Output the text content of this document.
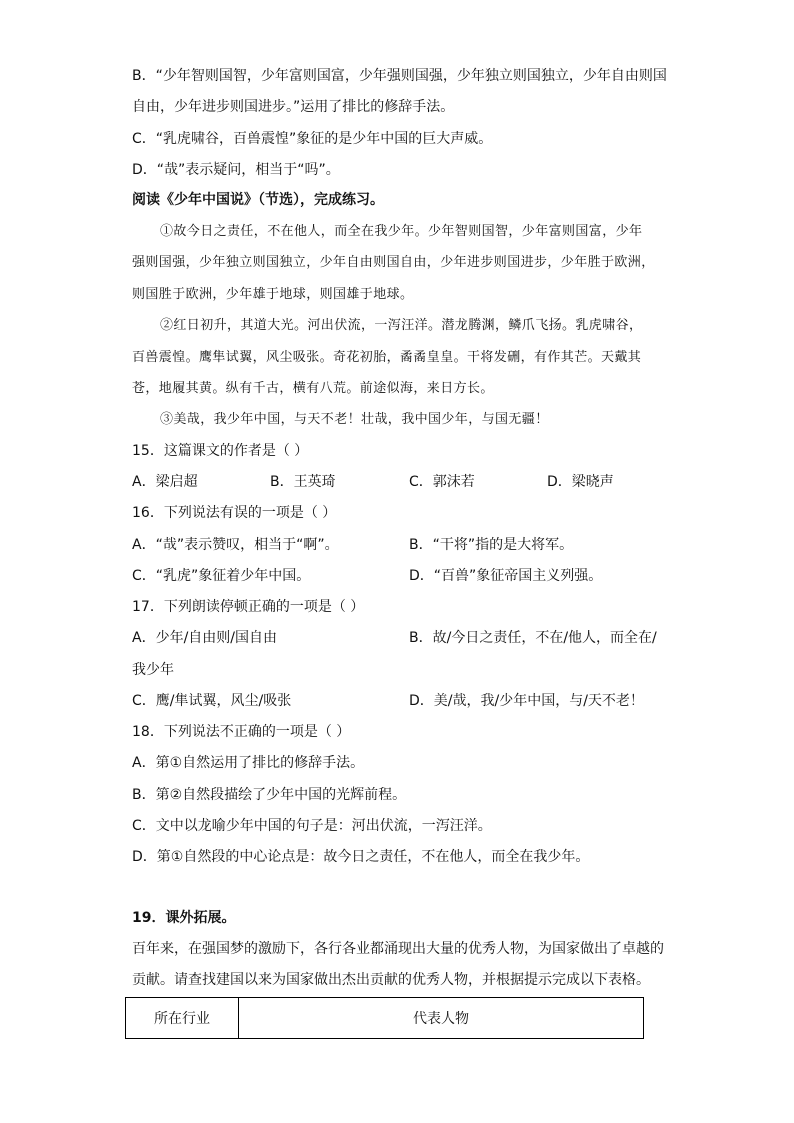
B．“少年智则国智，少年富则国富，少年强则国强，少年独立则国独立，少年自由则国
自由，少年进步则国进步。”运用了排比的修辞手法。
C．“乳虎啸谷，百兽震惶”象征的是少年中国的巨大声威。
D．“哉”表示疑问，相当于“吗”。
阅读《少年中国说》（节选），完成练习。
①故今日之责任，不在他人，而全在我少年。少年智则国智，少年富则国富，少年
强则国强，少年独立则国独立，少年自由则国自由，少年进步则国进步，少年胜于欧洲，
则国胜于欧洲，少年雄于地球，则国雄于地球。
②红日初升，其道大光。河出伏流，一泻汪洋。潜龙腾渊，鳞爪飞扬。乳虎啸谷，
百兽震惶。鹰隼试翼，风尘吸张。奇花初胎，矞矞皇皇。干将发硎，有作其芒。天戴其
苍，地履其黄。纵有千古，横有八荒。前途似海，来日方长。
③美哉，我少年中国，与天不老！壮哉，我中国少年，与国无疆！
15．这篇课文的作者是（ ）
A．梁启超	B．王英琦	C．郭沫若	D．梁晓声
16．下列说法有误的一项是（ ）
A．“哉”表示赞叹，相当于“啊”。	B．“干将”指的是大将军。
C．“乳虎”象征着少年中国。	D．“百兽”象征帝国主义列强。
17．下列朗读停顿正确的一项是（ ）
A．少年/自由则/国自由	B．故/今日之责任，不在/他人，而全在/
我少年
C．鹰/隼试翼，风尘/吸张	D．美/哉，我/少年中国，与/天不老！
18．下列说法不正确的一项是（ ）
A．第①自然运用了排比的修辞手法。
B．第②自然段描绘了少年中国的光辉前程。
C．文中以龙喻少年中国的句子是：河出伏流，一泻汪洋。
D．第①自然段的中心论点是：故今日之责任，不在他人，而全在我少年。
19．课外拓展。
百年来，在强国梦的激励下，各行各业都涌现出大量的优秀人物，为国家做出了卓越的
贡献。请查找建国以来为国家做出杰出贡献的优秀人物，并根据提示完成以下表格。
所在行业	代表人物
